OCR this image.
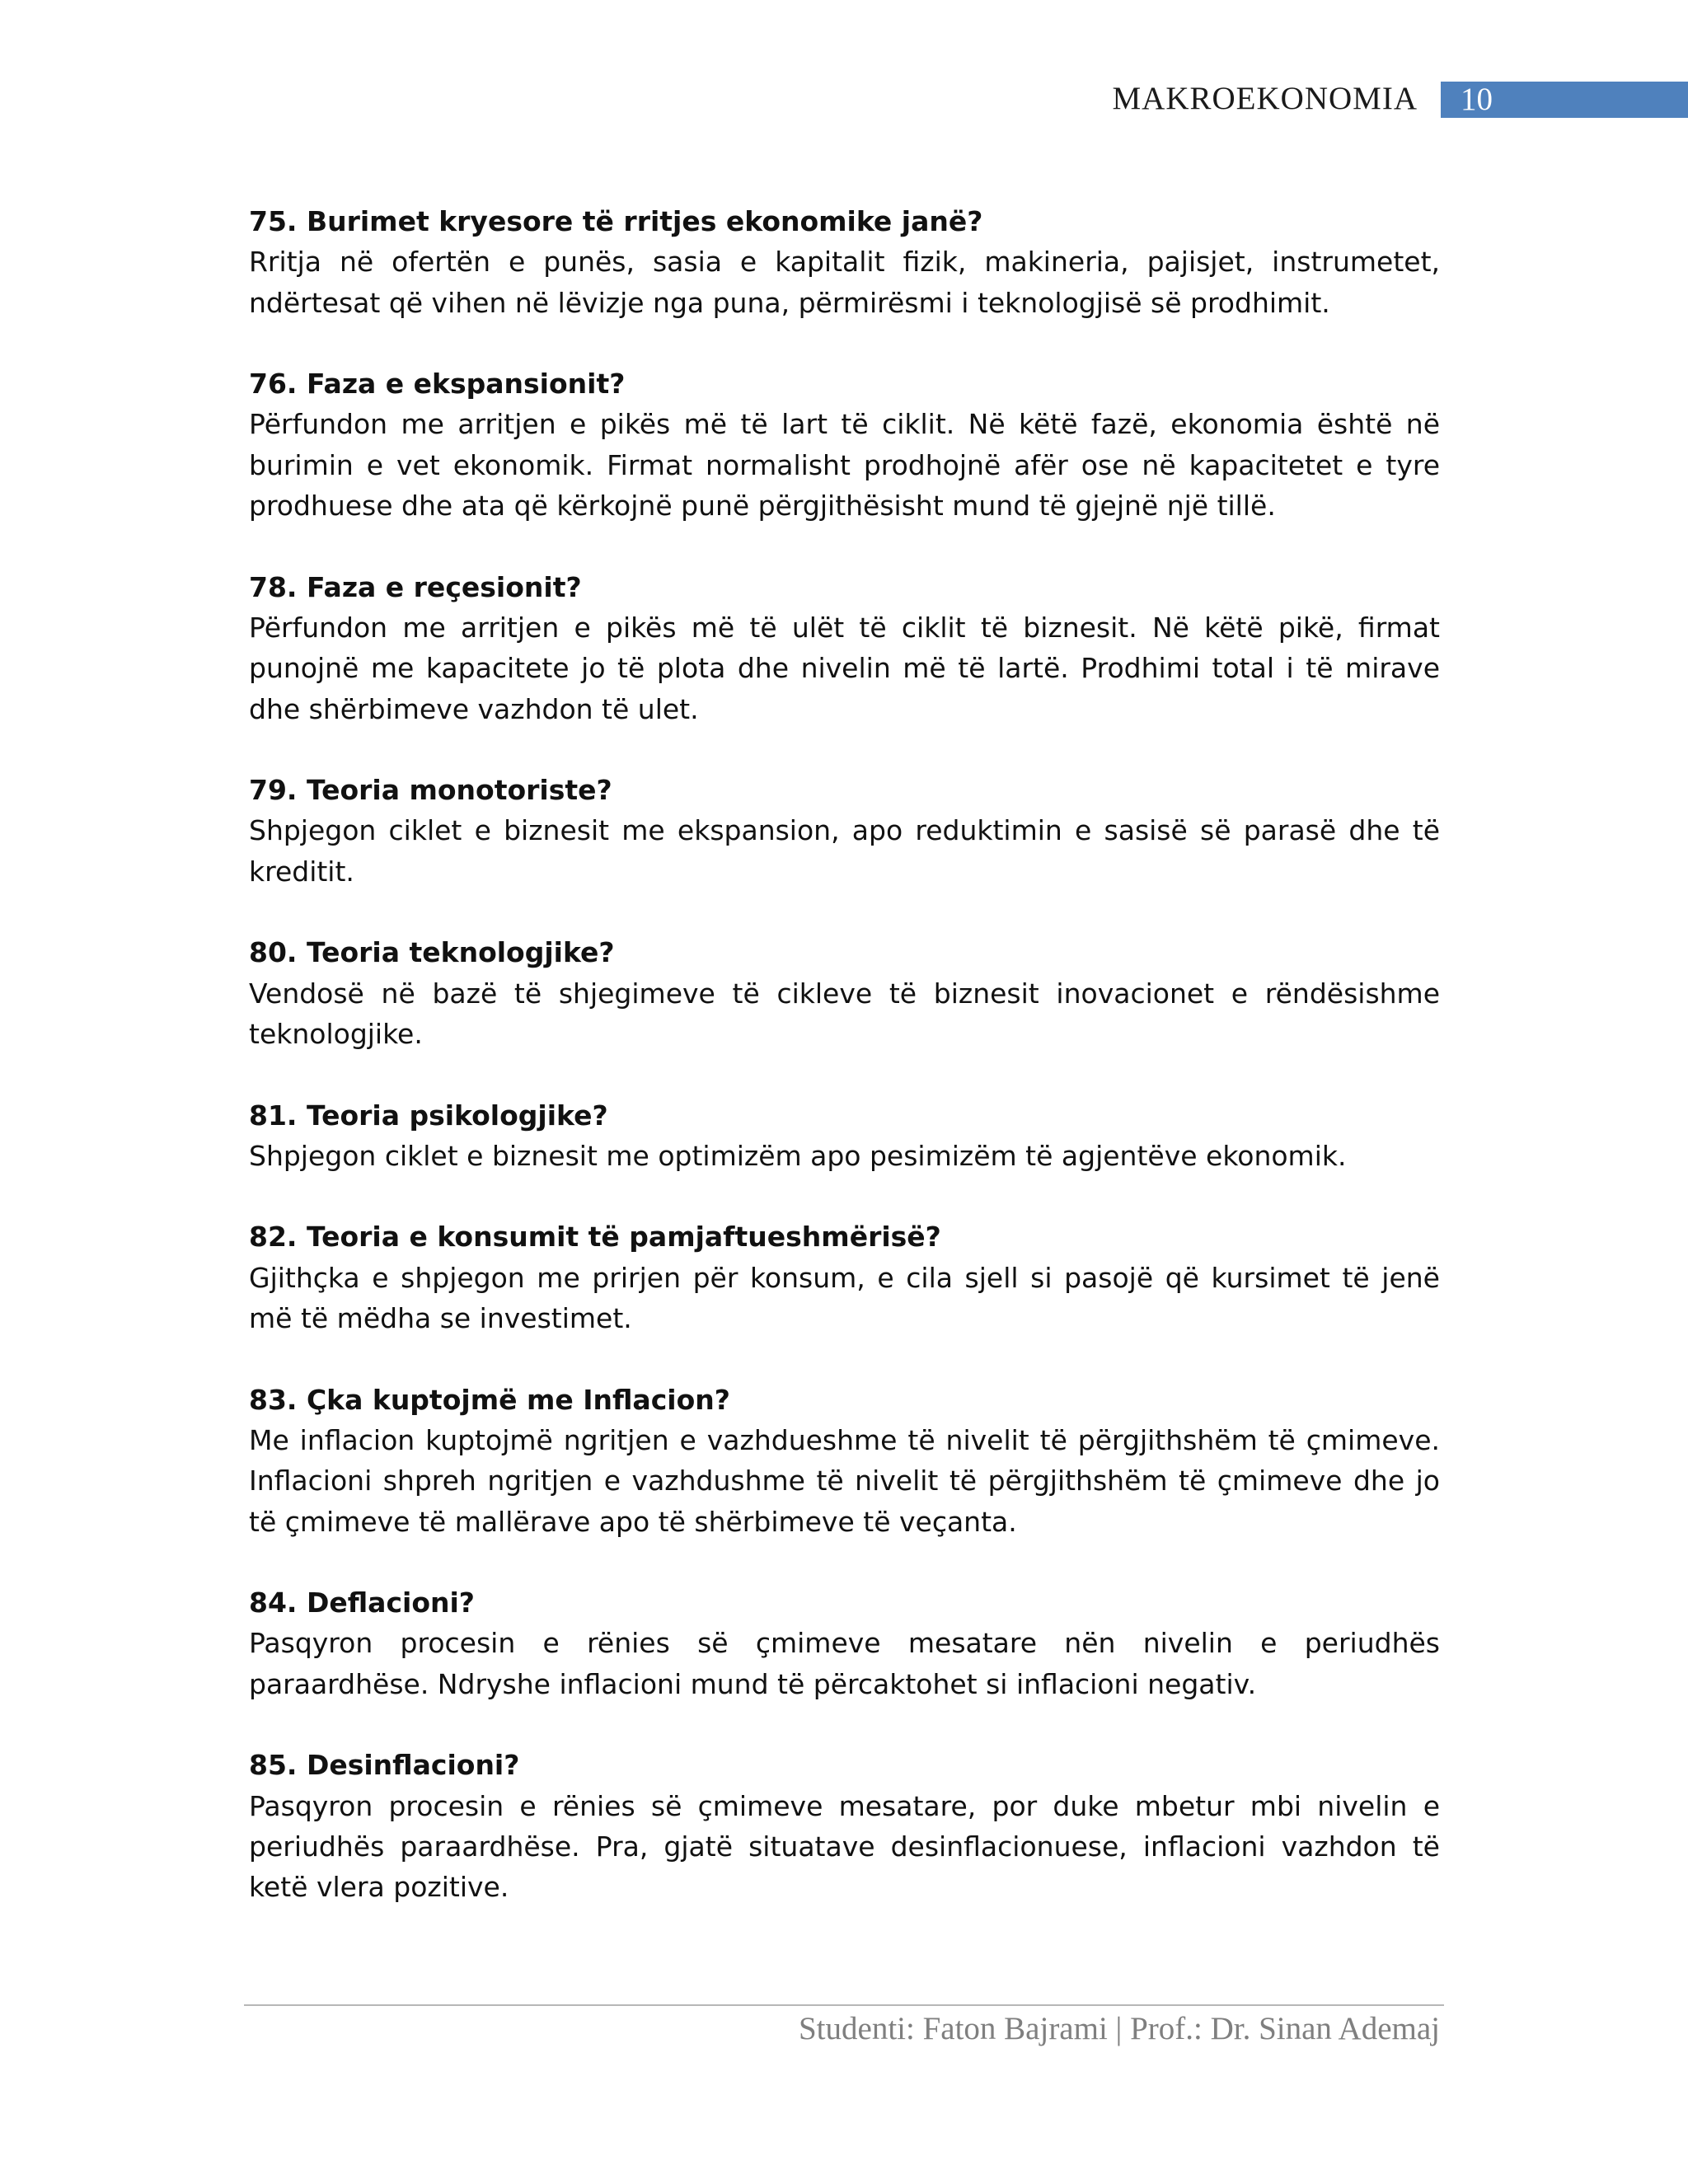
MAKROEKONOMIA 10

75. Burimet kryesore të rritjes ekonomike janë?

Rritja në ofertën e punës, sasia e kapitalit fizik, makineria, pajisjet, instrumetet, ndërtesat që vihen në lëvizje nga puna, përmirësmi i teknologjisë së prodhimit.

76. Faza e ekspansionit?

Përfundon me arritjen e pikës më të lart të ciklit. Në këtë fazë, ekonomia është në burimin e vet ekonomik. Firmat normalisht prodhojnë afër ose në kapacitetet e tyre prodhuese dhe ata që kërkojnë punë përgjithësisht mund të gjejnë një tillë.

78. Faza e reçesionit?

Përfundon me arritjen e pikës më të ulët të ciklit të biznesit. Në këtë pikë, firmat punojnë me kapacitete jo të plota dhe nivelin më të lartë. Prodhimi total i të mirave dhe shërbimeve vazhdon të ulet.

79. Teoria monotoriste?

Shpjegon ciklet e biznesit me ekspansion, apo reduktimin e sasisë së parasë dhe të kreditit.

80. Teoria teknologjike?

Vendosë në bazë të shjegimeve të cikleve të biznesit inovacionet e rëndësishme teknologjike.

81. Teoria psikologjike?

Shpjegon ciklet e biznesit me optimizëm apo pesimizëm të agjentëve ekonomik.

82. Teoria e konsumit të pamjaftueshmërisë?

Gjithçka e shpjegon me prirjen për konsum, e cila sjell si pasojë që kursimet të jenë më të mëdha se investimet.

83. Çka kuptojmë me Inflacion?

Me inflacion kuptojmë ngritjen e vazhdueshme të nivelit të përgjithshëm të çmimeve. Inflacioni shpreh ngritjen e vazhdushme të nivelit të përgjithshëm të çmimeve dhe jo të çmimeve të mallërave apo të shërbimeve të veçanta.

84. Deflacioni?

Pasqyron procesin e rënies së çmimeve mesatare nën nivelin e periudhës paraardhëse. Ndryshe inflacioni mund të përcaktohet si inflacioni negativ.

85. Desinflacioni?

Pasqyron procesin e rënies së çmimeve mesatare, por duke mbetur mbi nivelin e periudhës paraardhëse. Pra, gjatë situatave desinflacionuese, inflacioni vazhdon të ketë vlera pozitive.

Studenti: Faton Bajrami | Prof.: Dr. Sinan Ademaj
